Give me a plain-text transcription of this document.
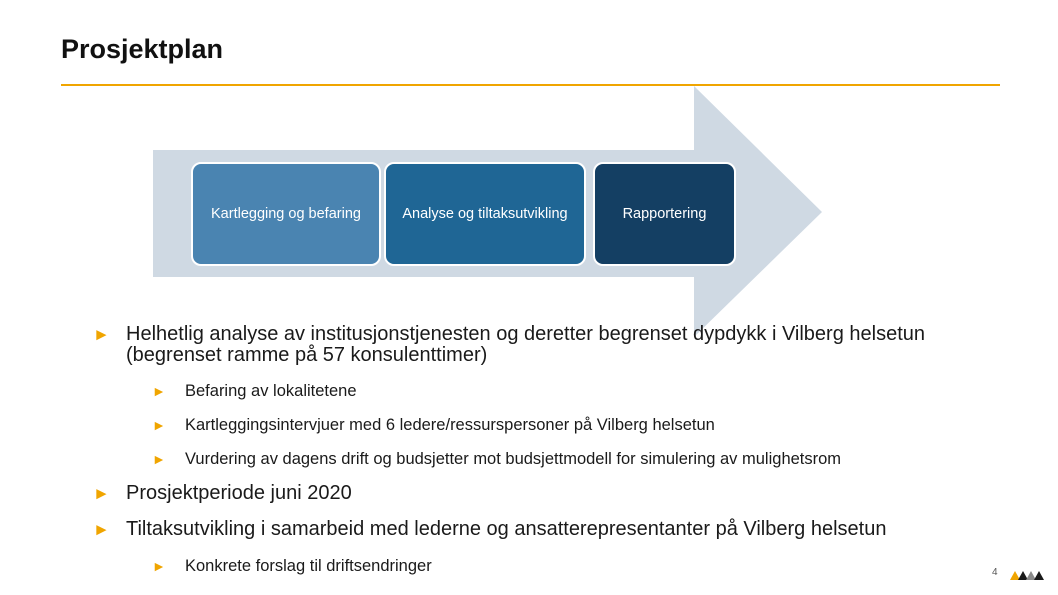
Prosjektplan
Kartlegging og befaring	Analyse og tiltaksutvikling	Rapportering
► Helhetlig analyse av institusjonstjenesten og deretter begrenset dypdykk i Vilberg helsetun (begrenset ramme på 57 konsulenttimer)
►	Befaring av lokalitetene
►	Kartleggingsintervjuer med 6 ledere/ressurspersoner på Vilberg helsetun
►	Vurdering av dagens drift og budsjetter mot budsjettmodell for simulering av mulighetsrom
► Prosjektperiode juni 2020
► Tiltaksutvikling i samarbeid med lederne og ansatterepresentanter på Vilberg helsetun
►	Konkrete forslag til driftsendringer	4
